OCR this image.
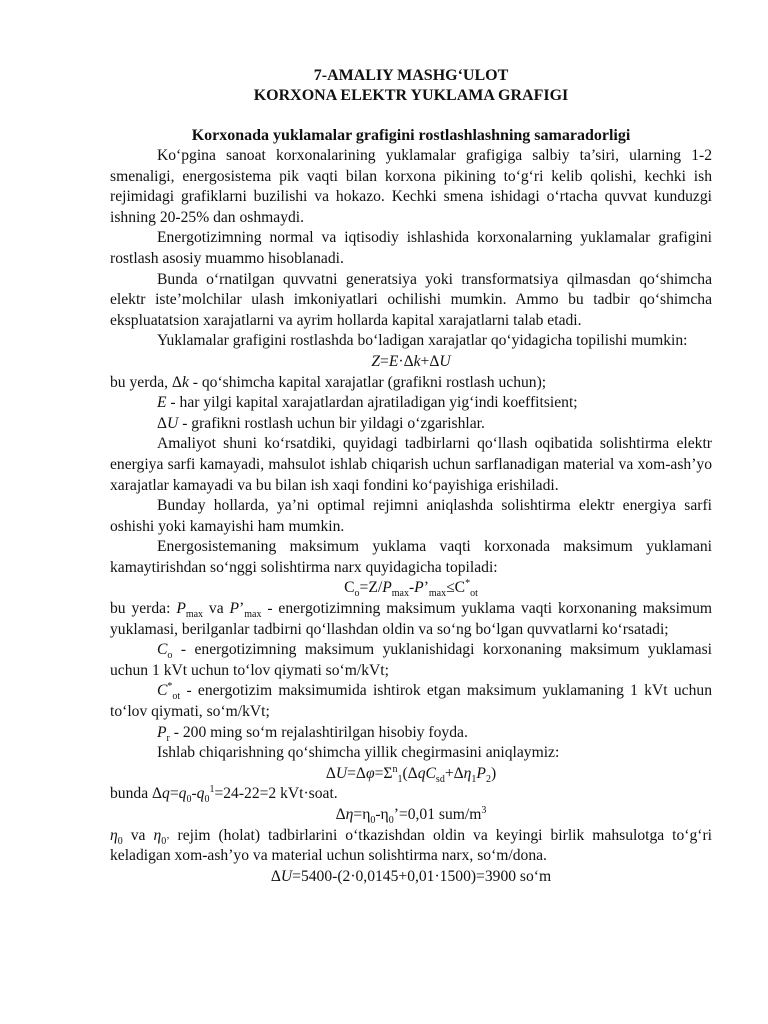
7-AMALIY MASHG‘ULOT

KORXONA ELEKTR YUKLAMA GRAFIGI

Korxonada yuklamalar grafigini rostlashlashning samaradorligi

Ko‘pgina sanoat korxonalarining yuklamalar grafigiga salbiy ta’siri, ularning 1-2 smenaligi, energosistema pik vaqti bilan korxona pikining to‘g‘ri kelib qolishi, kechki ish rejimidagi grafiklarni buzilishi va hokazo. Kechki smena ishidagi o‘rtacha quvvat kunduzgi ishning 20-25% dan oshmaydi.

Energotizimning normal va iqtisodiy ishlashida korxonalarning yuklamalar grafigini rostlash asosiy muammo hisoblanadi.

Bunda o‘rnatilgan quvvatni generatsiya yoki transformatsiya qilmasdan qo‘shimcha elektr iste’molchilar ulash imkoniyatlari ochilishi mumkin. Ammo bu tadbir qo‘shimcha ekspluatatsion xarajatlarni va ayrim hollarda kapital xarajatlarni talab etadi.

Yuklamalar grafigini rostlashda bo‘ladigan xarajatlar qo‘yidagicha topilishi mumkin:

Z=E·Δk+ΔU

bu yerda, Δk - qo‘shimcha kapital xarajatlar (grafikni rostlash uchun);

E - har yilgi kapital xarajatlardan ajratiladigan yig‘indi koeffitsient;

ΔU - grafikni rostlash uchun bir yildagi o‘zgarishlar.

Amaliyot shuni ko‘rsatdiki, quyidagi tadbirlarni qo‘llash oqibatida solishtirma elektr energiya sarfi kamayadi, mahsulot ishlab chiqarish uchun sarflanadigan material va xom-ash’yo xarajatlar kamayadi va bu bilan ish xaqi fondini ko‘payishiga erishiladi.

Bunday hollarda, ya’ni optimal rejimni aniqlashda solishtirma elektr energiya sarfi oshishi yoki kamayishi ham mumkin.

Energosistemaning maksimum yuklama vaqti korxonada maksimum yuklamani kamaytirishdan so‘nggi solishtirma narx quyidagicha topiladi:

$C_o=Z/P_{max}-P’_{max}\le C^*_{ot}$

bu yerda: $P_{max}$ va $P’_{max}$ - energotizimning maksimum yuklama vaqti korxonaning maksimum yuklamasi, berilganlar tadbirni qo‘llashdan oldin va so‘ng bo‘lgan quvvatlarni ko‘rsatadi;

$C_o$ - energotizimning maksimum yuklanishidagi korxonaning maksimum yuklamasi uchun 1 kVt uchun to‘lov qiymati so‘m/kVt;

$C^*_{ot}$ - energotizim maksimumida ishtirok etgan maksimum yuklamaning 1 kVt uchun to‘lov qiymati, so‘m/kVt;

$P_r - 200$ ming so‘m rejalashtirilgan hisobiy foyda.

Ishlab chiqarishning qo‘shimcha yillik chegirmasini aniqlaymiz:

$\Delta U=\Delta\varphi=\Sigma^n_1(\Delta qC_{sd}+\Delta\eta_1P_2)$

bunda $\Delta q=q_0-q_0^1=24-22=2$ kVt·soat.

$\Delta\eta=\eta_0-\eta_0’=0,01$ sum/$m^3$

$\eta_0$ va $\eta_{0’}$ rejim (holat) tadbirlarini o‘tkazishdan oldin va keyingi birlik mahsulotga to‘g‘ri keladigan xom-ash’yo va material uchun solishtirma narx, so‘m/dona.

ΔU=5400-(2·0,0145+0,01·1500)=3900 so‘m
